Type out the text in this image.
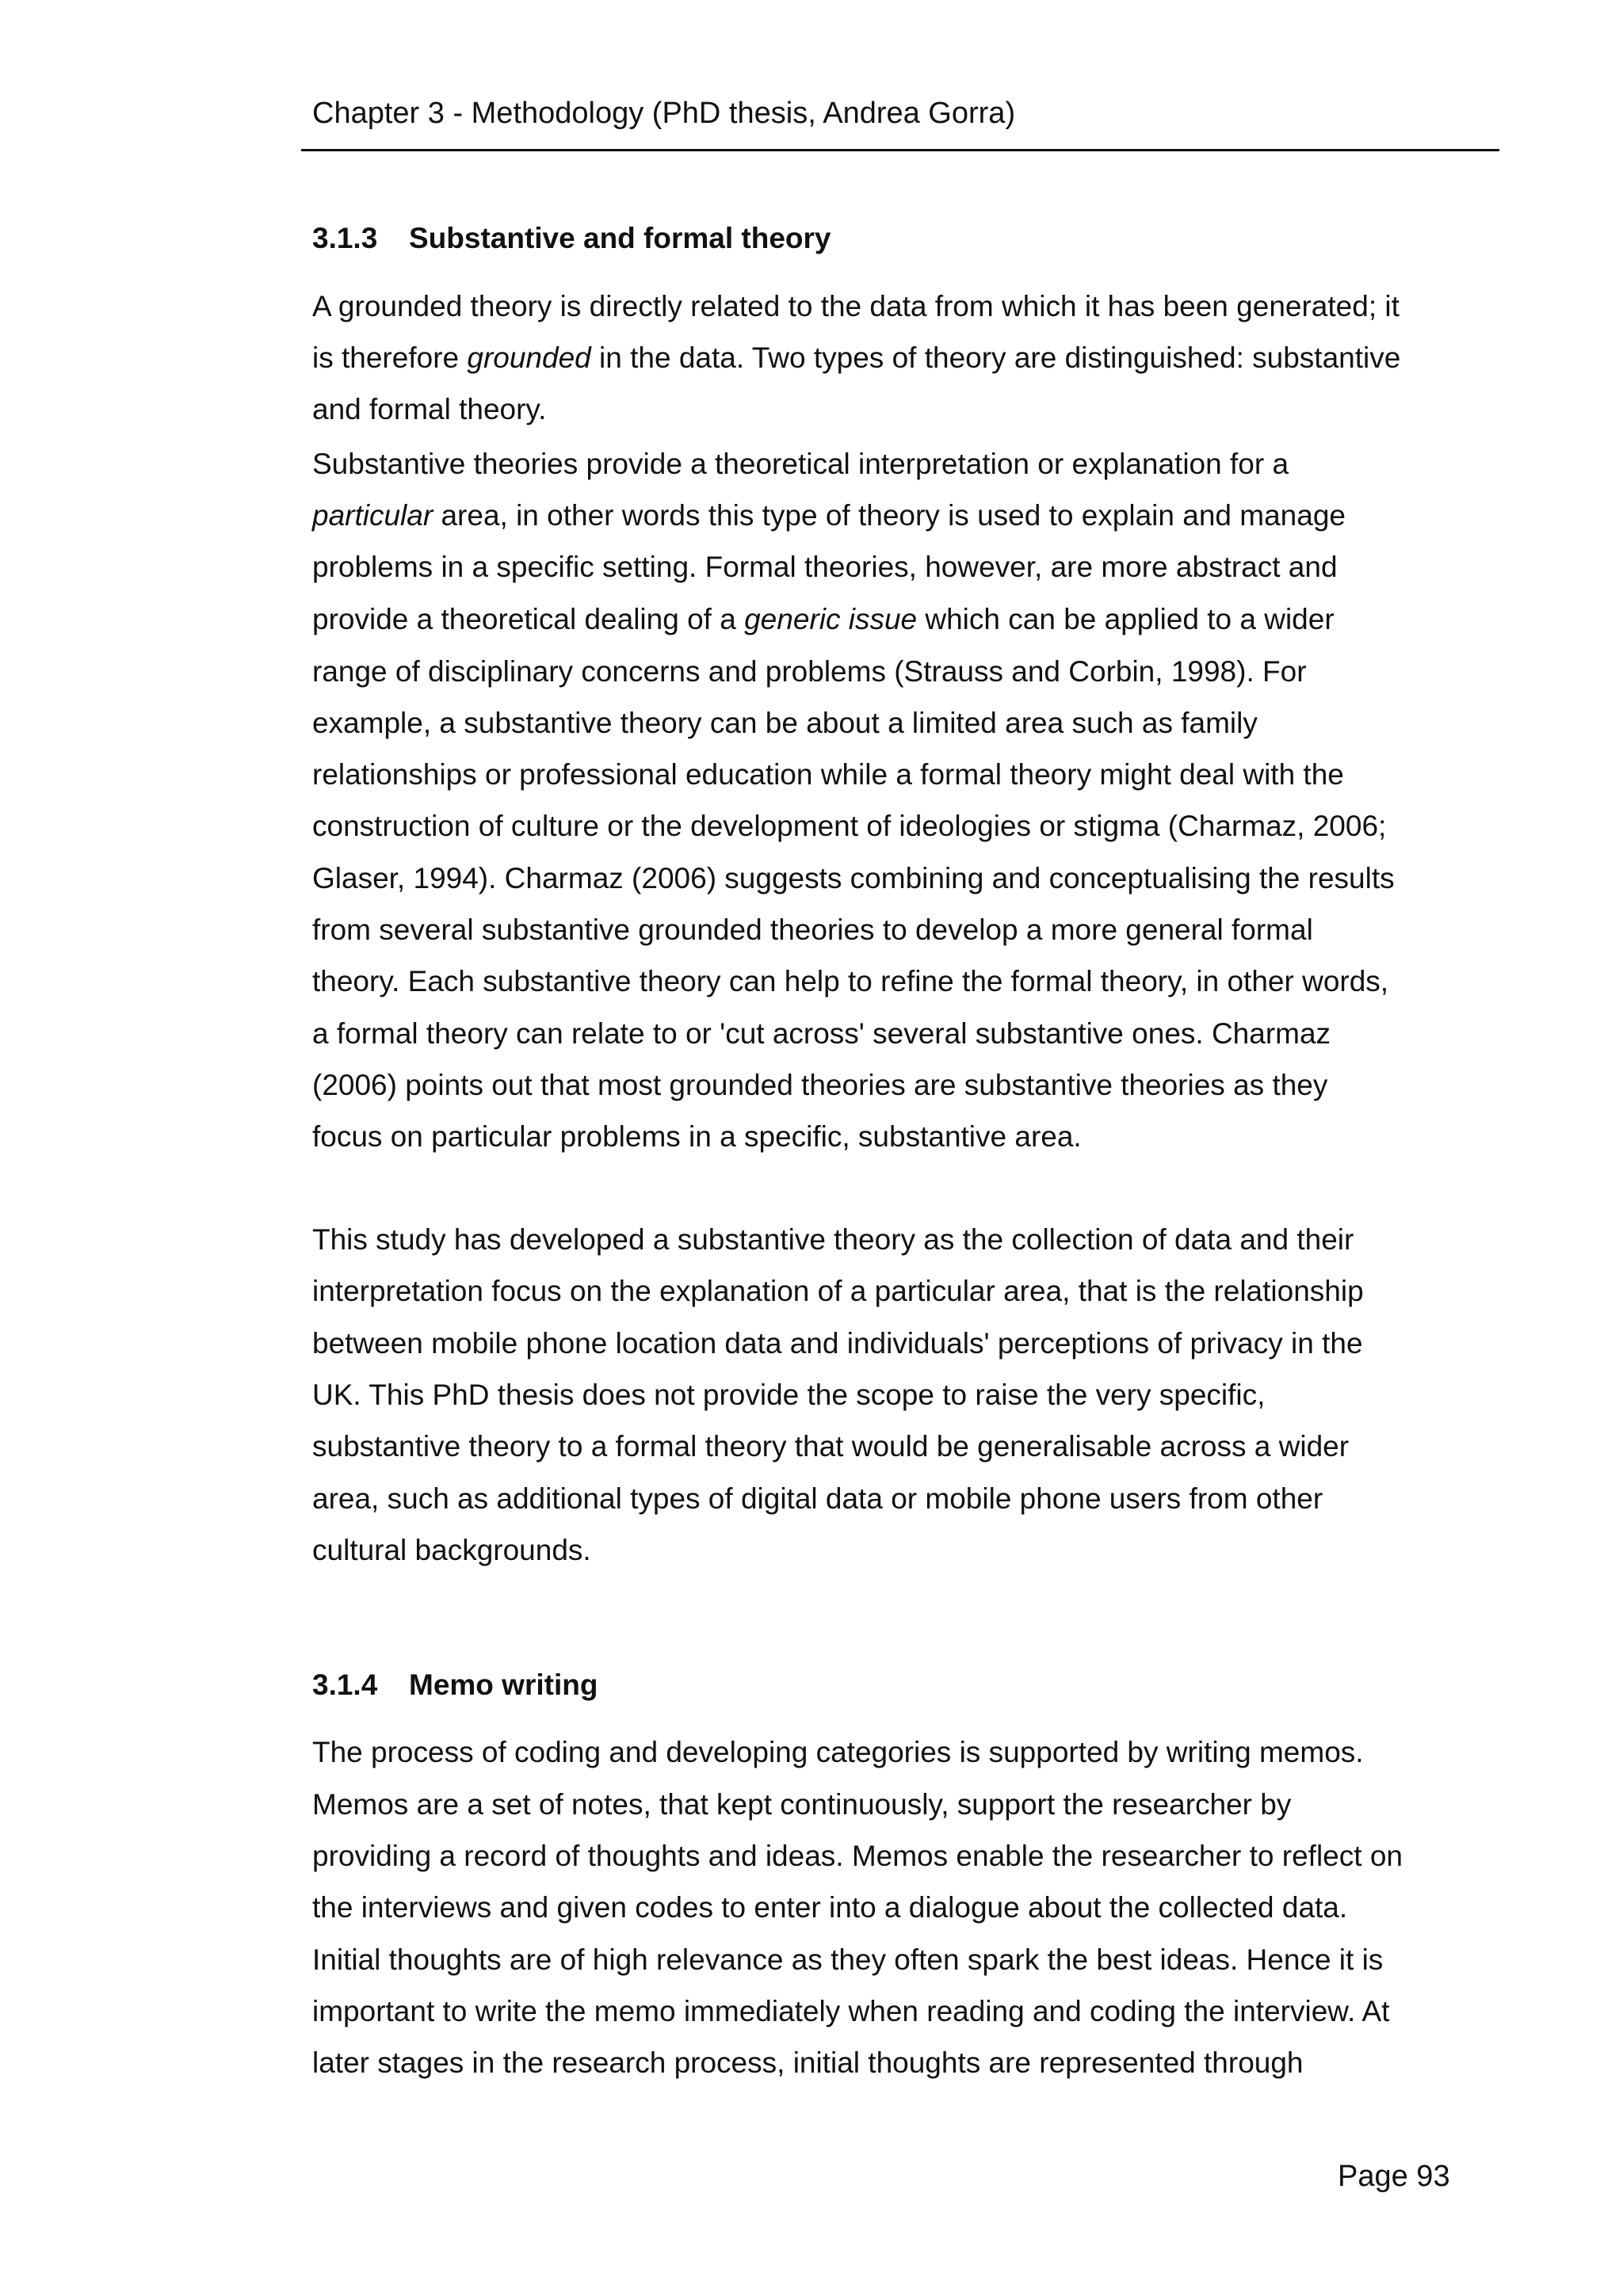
Chapter 3 - Methodology (PhD thesis, Andrea Gorra)
3.1.3 Substantive and formal theory
A grounded theory is directly related to the data from which it has been generated; it
is therefore grounded in the data. Two types of theory are distinguished: substantive
and formal theory.
Substantive theories provide a theoretical interpretation or explanation for a
particular area, in other words this type of theory is used to explain and manage
problems in a specific setting. Formal theories, however, are more abstract and
provide a theoretical dealing of a generic issue which can be applied to a wider
range of disciplinary concerns and problems (Strauss and Corbin, 1998). For
example, a substantive theory can be about a limited area such as family
relationships or professional education while a formal theory might deal with the
construction of culture or the development of ideologies or stigma (Charmaz, 2006;
Glaser, 1994). Charmaz (2006) suggests combining and conceptualising the results
from several substantive grounded theories to develop a more general formal
theory. Each substantive theory can help to refine the formal theory, in other words,
a formal theory can relate to or 'cut across' several substantive ones. Charmaz
(2006) points out that most grounded theories are substantive theories as they
focus on particular problems in a specific, substantive area.
This study has developed a substantive theory as the collection of data and their
interpretation focus on the explanation of a particular area, that is the relationship
between mobile phone location data and individuals' perceptions of privacy in the
UK. This PhD thesis does not provide the scope to raise the very specific,
substantive theory to a formal theory that would be generalisable across a wider
area, such as additional types of digital data or mobile phone users from other
cultural backgrounds.
3.1.4 Memo writing
The process of coding and developing categories is supported by writing memos.
Memos are a set of notes, that kept continuously, support the researcher by
providing a record of thoughts and ideas. Memos enable the researcher to reflect on
the interviews and given codes to enter into a dialogue about the collected data.
Initial thoughts are of high relevance as they often spark the best ideas. Hence it is
important to write the memo immediately when reading and coding the interview. At
later stages in the research process, initial thoughts are represented through
Page 93
